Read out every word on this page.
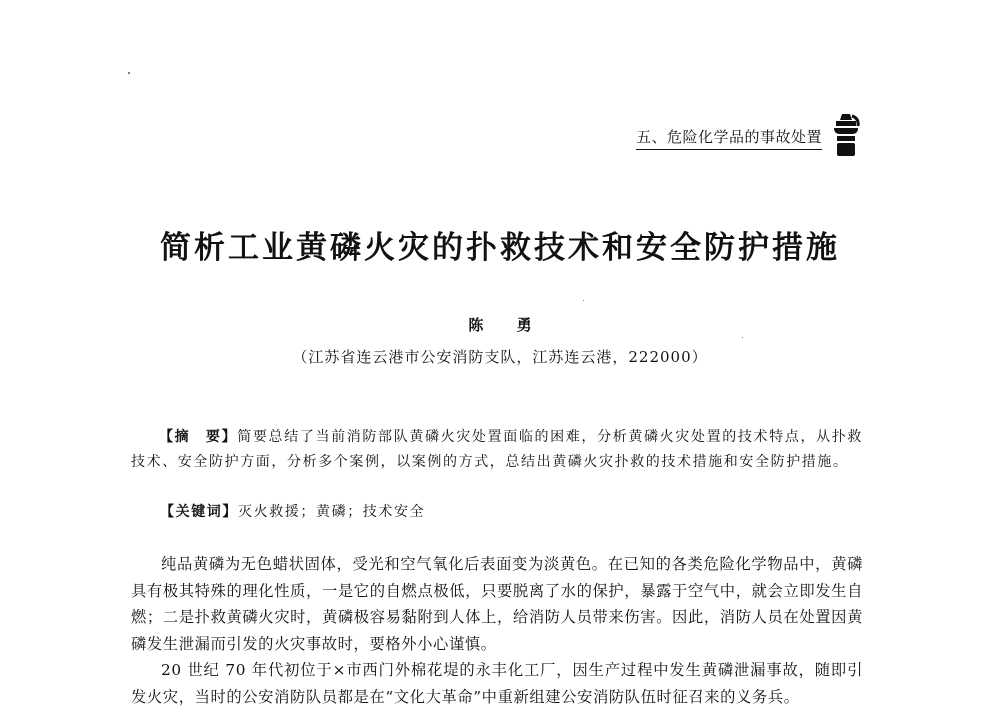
五、危险化学品的事故处置
简析工业黄磷火灾的扑救技术和安全防护措施
陈 勇
（江苏省连云港市公安消防支队，江苏连云港，222000）
【摘　要】简要总结了当前消防部队黄磷火灾处置面临的困难，分析黄磷火灾处置的技术特点，从扑救技术、安全防护方面，分析多个案例，以案例的方式，总结出黄磷火灾扑救的技术措施和安全防护措施。
【关键词】灭火救援；黄磷；技术安全

纯品黄磷为无色蜡状固体，受光和空气氧化后表面变为淡黄色。在已知的各类危险化学物品中，黄磷具有极其特殊的理化性质，一是它的自燃点极低，只要脱离了水的保护，暴露于空气中，就会立即发生自燃；二是扑救黄磷火灾时，黄磷极容易黏附到人体上，给消防人员带来伤害。因此，消防人员在处置因黄磷发生泄漏而引发的火灾事故时，要格外小心谨慎。

20 世纪 70 年代初位于×市西门外棉花堤的永丰化工厂，因生产过程中发生黄磷泄漏事故，随即引发火灾，当时的公安消防队员都是在“文化大革命”中重新组建公安消防队伍时征召来的义务兵。
